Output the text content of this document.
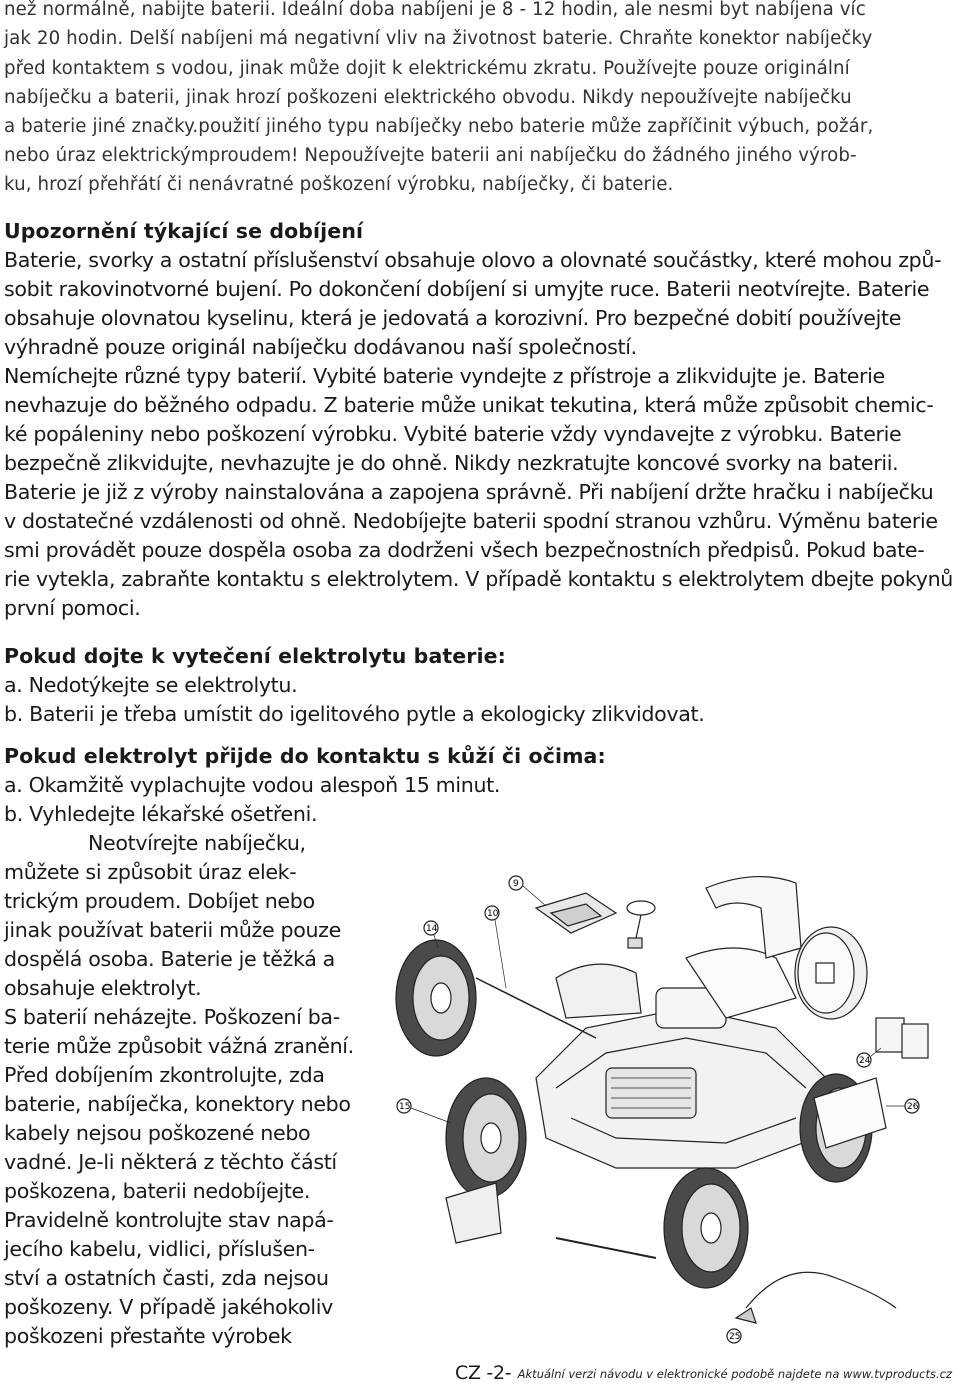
než normálně, nabijte baterii. Ideální doba nabíjeni je 8 - 12 hodin, ale nesmi byt nabíjena víc
jak 20 hodin. Delší nabíjeni má negativní vliv na životnost baterie. Chraňte konektor nabíječky
před kontaktem s vodou, jinak může dojit k elektrickému zkratu. Používejte pouze originální
nabíječku a baterii, jinak hrozí poškozeni elektrického obvodu. Nikdy nepoužívejte nabíječku
a baterie jiné značky.použití jiného typu nabíječky nebo baterie může zapříčinit výbuch, požár,
nebo úraz elektrickýmproudem! Nepoužívejte baterii ani nabíječku do žádného jiného výrob-
ku, hrozí přehřátí či nenávratné poškození výrobku, nabíječky, či baterie.
Upozornění týkající se dobíjení
Baterie, svorky a ostatní příslušenství obsahuje olovo a olovnaté součástky, které mohou způ-
sobit rakovinotvorné bujení. Po dokončení dobíjení si umyjte ruce. Baterii neotvírejte. Baterie
obsahuje olovnatou kyselinu, která je jedovatá a korozivní. Pro bezpečné dobití používejte
výhradně pouze originál nabíječku dodávanou naší společností.
Nemíchejte různé typy baterií. Vybité baterie vyndejte z přístroje a zlikvidujte je. Baterie
nevhazuje do běžného odpadu. Z baterie může unikat tekutina, která může způsobit chemic-
ké popáleniny nebo poškození výrobku. Vybité baterie vždy vyndavejte z výrobku. Baterie
bezpečně zlikvidujte, nevhazujte je do ohně. Nikdy nezkratujte koncové svorky na baterii.
Baterie je již z výroby nainstalována a zapojena správně. Při nabíjení držte hračku i nabíječku
v dostatečné vzdálenosti od ohně. Nedobíjejte baterii spodní stranou vzhůru. Výměnu baterie
smi provádět pouze dospěla osoba za dodrženi všech bezpečnostních předpisů. Pokud bate-
rie vytekla, zabraňte kontaktu s elektrolytem. V případě kontaktu s elektrolytem dbejte pokynů
první pomoci.
Pokud dojte k vytečení elektrolytu baterie:
a. Nedotýkejte se elektrolytu.
b. Baterii je třeba umístit do igelitového pytle a ekologicky zlikvidovat.
Pokud elektrolyt přijde do kontaktu s kůží či očima:
a. Okamžitě vyplachujte vodou alespoň 15 minut.
b. Vyhledejte lékařské ošetřeni.
Neotvírejte nabíječku,
můžete si způsobit úraz elek-
trickým proudem. Dobíjet nebo
jinak používat baterii může pouze
dospělá osoba. Baterie je těžká a
obsahuje elektrolyt.
S baterií neházejte. Poškození ba-
terie může způsobit vážná zranění.
Před dobíjením zkontrolujte, zda
baterie, nabíječka, konektory nebo
kabely nejsou poškozené nebo
vadné. Je-li některá z těchto částí
poškozena, baterii nedobíjejte.
Pravidelně kontrolujte stav napá-
jecího kabelu, vidlici, příslušen-
ství a ostatních časti, zda nejsou
poškozeny. V případě jakéhokoliv
poškozeni přestaňte výrobek
9
10
14
15
24
25
26
CZ -2- Aktuální verzi návodu v elektronické podobě najdete na www.tvproducts.cz
